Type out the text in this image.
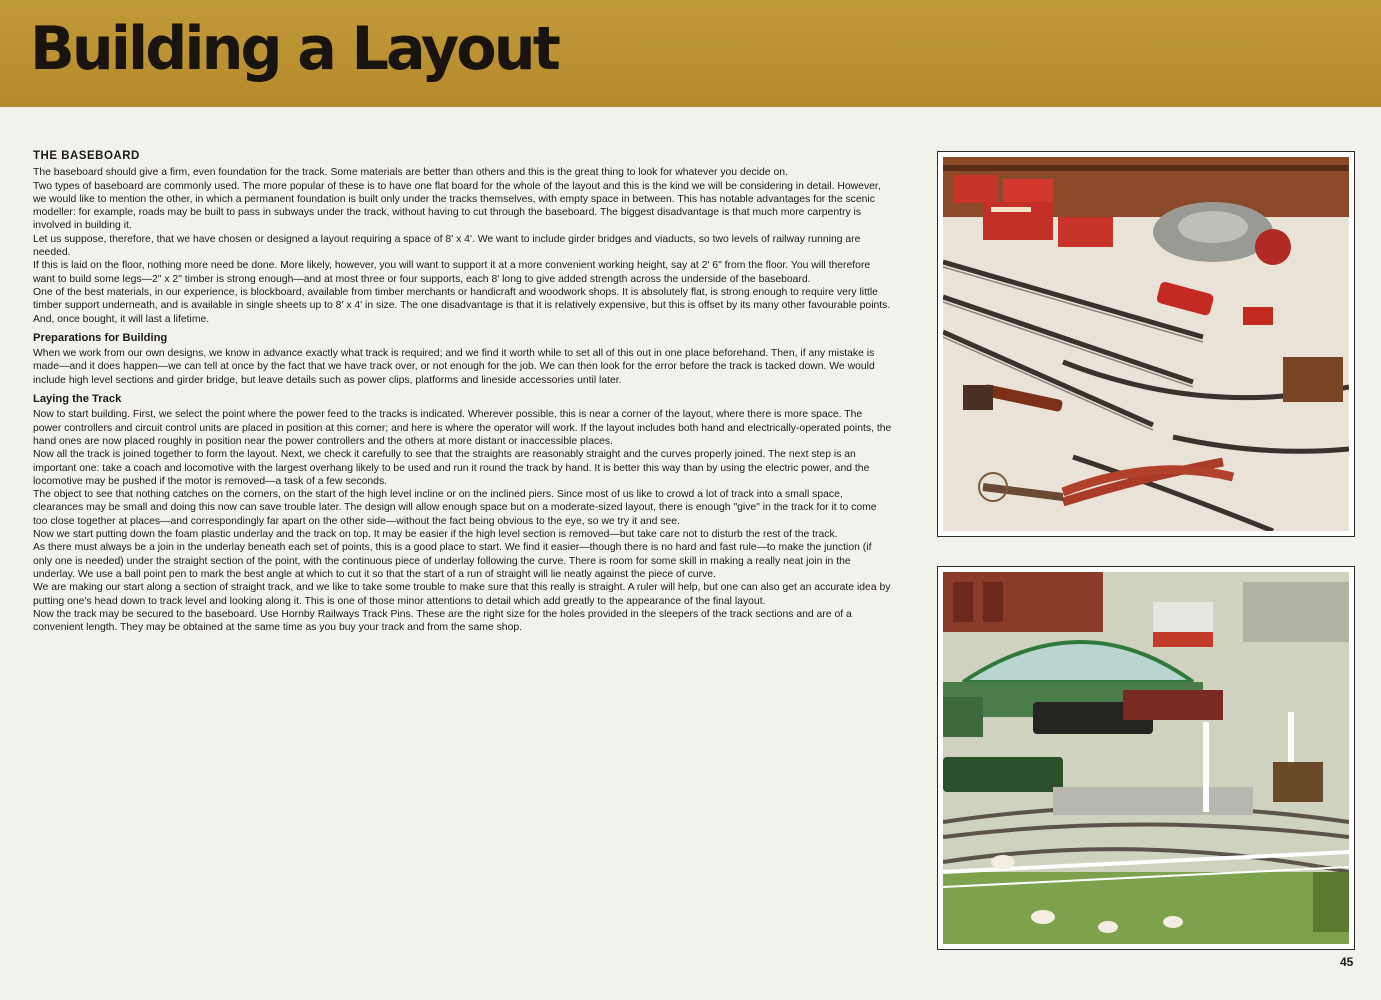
Building a Layout
THE BASEBOARD

The baseboard should give a firm, even foundation for the track. Some materials are better than others and this is the great thing to look for whatever you decide on.

Two types of baseboard are commonly used. The more popular of these is to have one flat board for the whole of the layout and this is the kind we will be considering in detail. However, we would like to mention the other, in which a permanent foundation is built only under the tracks themselves, with empty space in between. This has notable advantages for the scenic modeller: for example, roads may be built to pass in subways under the track, without having to cut through the baseboard. The biggest disadvantage is that much more carpentry is involved in building it.

Let us suppose, therefore, that we have chosen or designed a layout requiring a space of 8' x 4'. We want to include girder bridges and viaducts, so two levels of railway running are needed.

If this is laid on the floor, nothing more need be done. More likely, however, you will want to support it at a more convenient working height, say at 2' 6" from the floor. You will therefore want to build some legs—2" x 2" timber is strong enough—and at most three or four supports, each 8' long to give added strength across the underside of the baseboard.

One of the best materials, in our experience, is blockboard, available from timber merchants or handicraft and woodwork shops. It is absolutely flat, is strong enough to require very little timber support underneath, and is available in single sheets up to 8' x 4' in size. The one disadvantage is that it is relatively expensive, but this is offset by its many other favourable points. And, once bought, it will last a lifetime.

Preparations for Building

When we work from our own designs, we know in advance exactly what track is required; and we find it worth while to set all of this out in one place beforehand. Then, if any mistake is made—and it does happen—we can tell at once by the fact that we have track over, or not enough for the job. We can then look for the error before the track is tacked down. We would include high level sections and girder bridge, but leave details such as power clips, platforms and lineside accessories until later.

Laying the Track

Now to start building. First, we select the point where the power feed to the tracks is indicated. Wherever possible, this is near a corner of the layout, where there is more space. The power controllers and circuit control units are placed in position at this corner; and here is where the operator will work. If the layout includes both hand and electrically-operated points, the hand ones are now placed roughly in position near the power controllers and the others at more distant or inaccessible places.

Now all the track is joined together to form the layout. Next, we check it carefully to see that the straights are reasonably straight and the curves properly joined. The next step is an important one: take a coach and locomotive with the largest overhang likely to be used and run it round the track by hand. It is better this way than by using the electric power, and the locomotive may be pushed if the motor is removed—a task of a few seconds.

The object to see that nothing catches on the corners, on the start of the high level incline or on the inclined piers. Since most of us like to crowd a lot of track into a small space, clearances may be small and doing this now can save trouble later. The design will allow enough space but on a moderate-sized layout, there is enough "give" in the track for it to come too close together at places—and correspondingly far apart on the other side—without the fact being obvious to the eye, so we try it and see.

Now we start putting down the foam plastic underlay and the track on top. It may be easier if the high level section is removed—but take care not to disturb the rest of the track.

As there must always be a join in the underlay beneath each set of points, this is a good place to start. We find it easier—though there is no hard and fast rule—to make the junction (if only one is needed) under the straight section of the point, with the continuous piece of underlay following the curve. There is room for some skill in making a really neat join in the underlay. We use a ball point pen to mark the best angle at which to cut it so that the start of a run of straight will lie neatly against the piece of curve.

We are making our start along a section of straight track, and we like to take some trouble to make sure that this really is straight. A ruler will help, but one can also get an accurate idea by putting one's head down to track level and looking along it. This is one of those minor attentions to detail which add greatly to the appearance of the final layout.

Now the track may be secured to the baseboard. Use Hornby Railways Track Pins. These are the right size for the holes provided in the sleepers of the track sections and are of a convenient length. They may be obtained at the same time as you buy your track and from the same shop.

45
